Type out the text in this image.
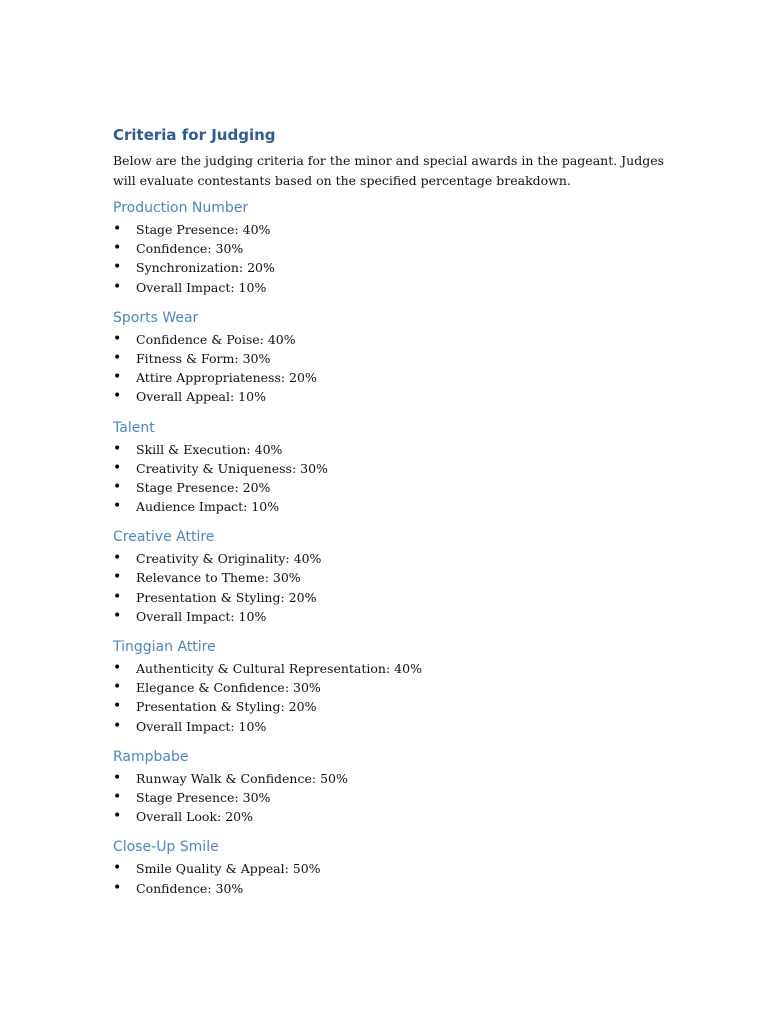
Criteria for Judging

Below are the judging criteria for the minor and special awards in the pageant. Judges will evaluate contestants based on the specified percentage breakdown.

Production Number
• Stage Presence: 40%
• Confidence: 30%
• Synchronization: 20%
• Overall Impact: 10%
Sports Wear
• Confidence & Poise: 40%
• Fitness & Form: 30%
• Attire Appropriateness: 20%
• Overall Appeal: 10%
Talent
• Skill & Execution: 40%
• Creativity & Uniqueness: 30%
• Stage Presence: 20%
• Audience Impact: 10%
Creative Attire
• Creativity & Originality: 40%
• Relevance to Theme: 30%
• Presentation & Styling: 20%
• Overall Impact: 10%
Tinggian Attire
• Authenticity & Cultural Representation: 40%
• Elegance & Confidence: 30%
• Presentation & Styling: 20%
• Overall Impact: 10%
Rampbabe
• Runway Walk & Confidence: 50%
• Stage Presence: 30%
• Overall Look: 20%
Close-Up Smile
• Smile Quality & Appeal: 50%
• Confidence: 30%
